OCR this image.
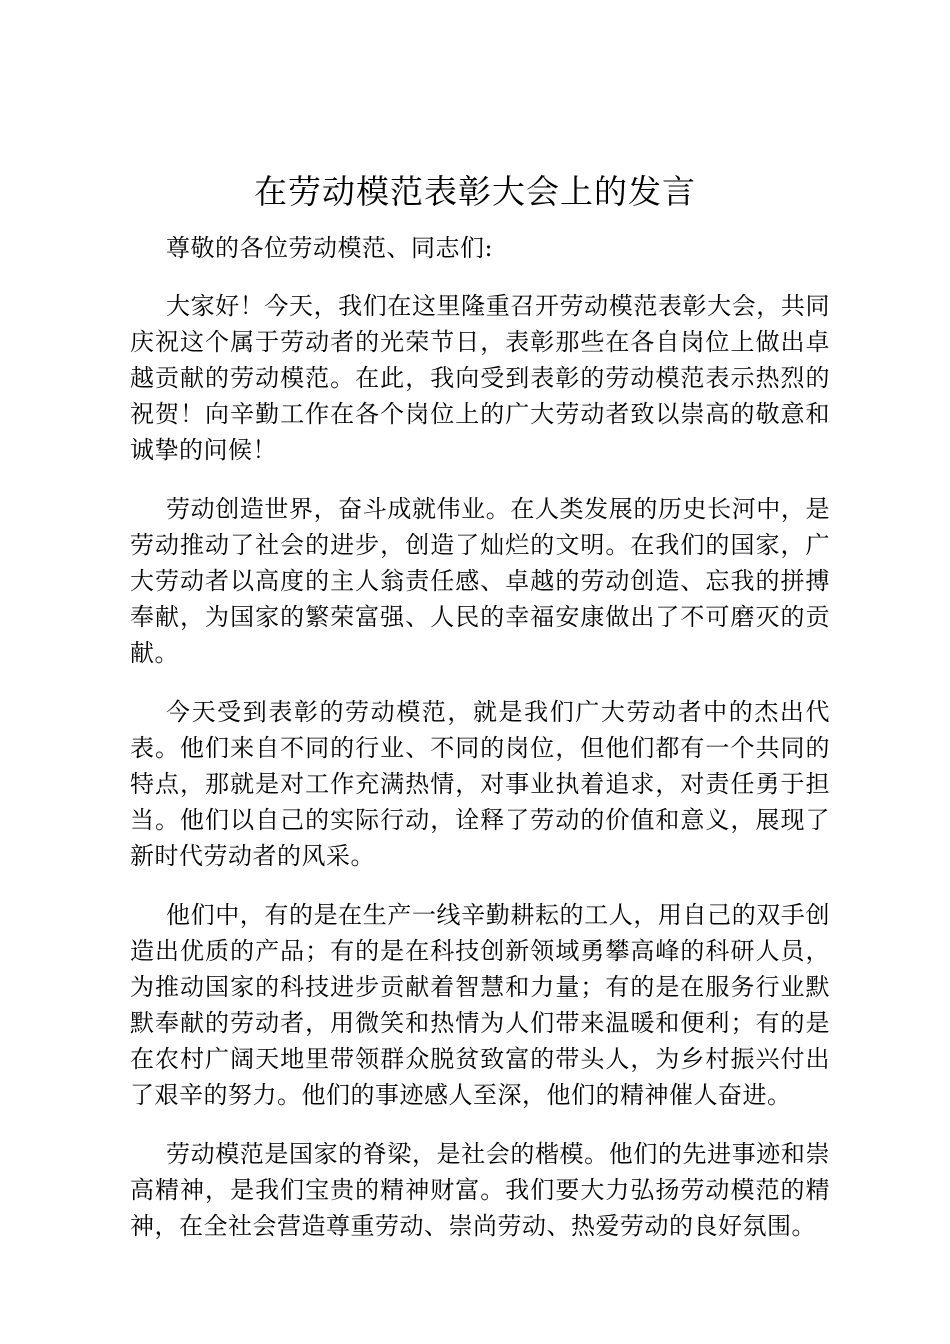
在劳动模范表彰大会上的发言

尊敬的各位劳动模范、同志们:

大家好！今天，我们在这里隆重召开劳动模范表彰大会，共同庆祝这个属于劳动者的光荣节日，表彰那些在各自岗位上做出卓越贡献的劳动模范。在此，我向受到表彰的劳动模范表示热烈的祝贺！向辛勤工作在各个岗位上的广大劳动者致以崇高的敬意和诚挚的问候！

劳动创造世界，奋斗成就伟业。在人类发展的历史长河中，是劳动推动了社会的进步，创造了灿烂的文明。在我们的国家，广大劳动者以高度的主人翁责任感、卓越的劳动创造、忘我的拼搏奉献，为国家的繁荣富强、人民的幸福安康做出了不可磨灭的贡献。

今天受到表彰的劳动模范，就是我们广大劳动者中的杰出代表。他们来自不同的行业、不同的岗位，但他们都有一个共同的特点，那就是对工作充满热情，对事业执着追求，对责任勇于担当。他们以自己的实际行动，诠释了劳动的价值和意义，展现了新时代劳动者的风采。

他们中，有的是在生产一线辛勤耕耘的工人，用自己的双手创造出优质的产品；有的是在科技创新领域勇攀高峰的科研人员，为推动国家的科技进步贡献着智慧和力量；有的是在服务行业默默奉献的劳动者，用微笑和热情为人们带来温暖和便利；有的是在农村广阔天地里带领群众脱贫致富的带头人，为乡村振兴付出了艰辛的努力。他们的事迹感人至深，他们的精神催人奋进。

劳动模范是国家的脊梁，是社会的楷模。他们的先进事迹和崇高精神，是我们宝贵的精神财富。我们要大力弘扬劳动模范的精神，在全社会营造尊重劳动、崇尚劳动、热爱劳动的良好氛围。
